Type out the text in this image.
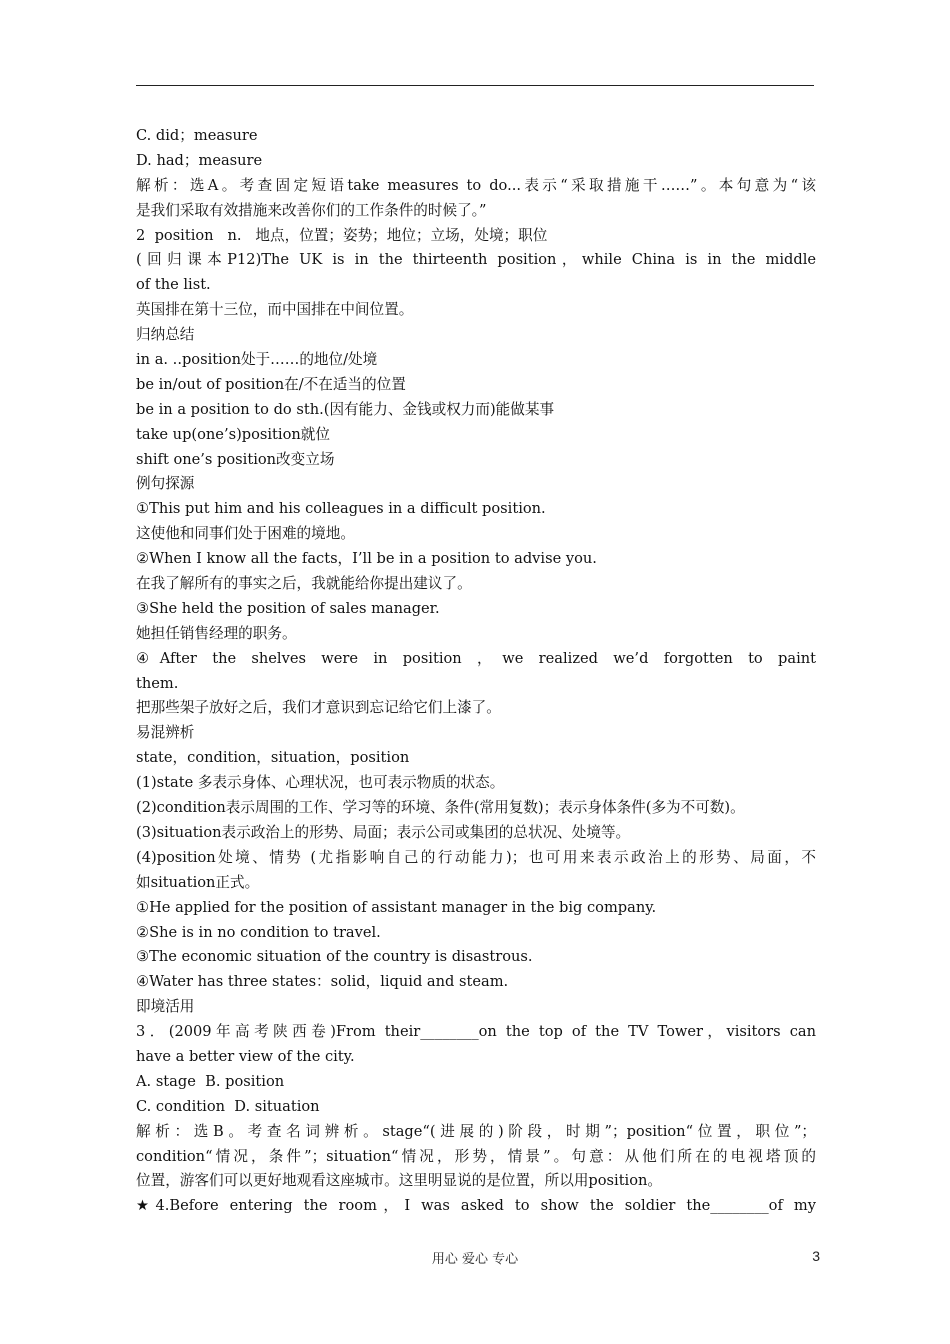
C. did；measure
D. had；measure
解析：选A。考查固定短语take measures to do...表示“采取措施干……”。本句意为“该
是我们采取有效措施来改善你们的工作条件的时候了。”
2  position   n.   地点，位置；姿势；地位；立场，处境；职位
(回归课本P12)The UK is in the thirteenth position，while China is in the middle
of the list.
英国排在第十三位，而中国排在中间位置。
归纳总结
in a. ..position处于……的地位/处境
be in/out of position在/不在适当的位置
be in a position to do sth.(因有能力、金钱或权力而)能做某事
take up(one’s)position就位
shift one’s position改变立场
例句探源
①This put him and his colleagues in a difficult position.
这使他和同事们处于困难的境地。
②When I know all the facts，I’ll be in a position to advise you.
在我了解所有的事实之后，我就能给你提出建议了。
③She held the position of sales manager.
她担任销售经理的职务。
④After the shelves were in position ，we realized we’d forgotten to paint
them.
把那些架子放好之后，我们才意识到忘记给它们上漆了。
易混辨析
state，condition，situation，position
(1)state 多表示身体、心理状况，也可表示物质的状态。
(2)condition表示周围的工作、学习等的环境、条件(常用复数)；表示身体条件(多为不可数)。
(3)situation表示政治上的形势、局面；表示公司或集团的总状况、处境等。
(4)position处境、情势 (尤指影响自己的行动能力)；也可用来表示政治上的形势、局面，不
如situation正式。
①He applied for the position of assistant manager in the big company.
②She is in no condition to travel.
③The economic situation of the country is disastrous.
④Water has three states：solid，liquid and steam.
即境活用
3．(2009年高考陕西卷)From their________on the top of the TV Tower，visitors can
have a better view of the city.
A. stage  B. position
C. condition  D. situation
解析：选B。考查名词辨析。stage“(进展的)阶段，时期”；position“位置，职位”；
condition“情况，条件”；situation“情况，形势，情景”。句意：从他们所在的电视塔顶的
位置，游客们可以更好地观看这座城市。这里明显说的是位置，所以用position。
★4.Before entering the room，I was asked to show the soldier the________of my
用心 爱心 专心	3
